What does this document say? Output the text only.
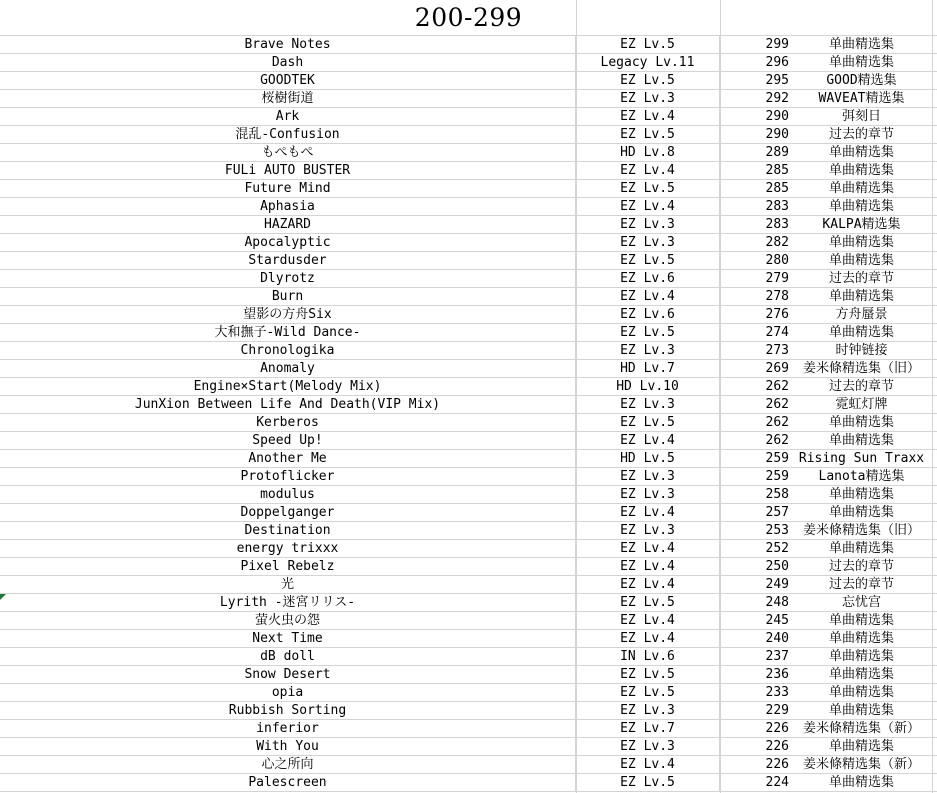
200-299
Brave Notes	EZ Lv.5	299	单曲精选集
Dash	Legacy Lv.11	296	单曲精选集
GOODTEK	EZ Lv.5	295	GOOD精选集
桜樹街道	EZ Lv.3	292	WAVEAT精选集
Ark	EZ Lv.4	290	弭刻日
混乱-Confusion	EZ Lv.5	290	过去的章节
もぺもぺ	HD Lv.8	289	单曲精选集
FULi AUTO BUSTER	EZ Lv.4	285	单曲精选集
Future Mind	EZ Lv.5	285	单曲精选集
Aphasia	EZ Lv.4	283	单曲精选集
HAZARD	EZ Lv.3	283	KALPA精选集
Apocalyptic	EZ Lv.3	282	单曲精选集
Stardusder	EZ Lv.5	280	单曲精选集
Dlyrotz	EZ Lv.6	279	过去的章节
Burn	EZ Lv.4	278	单曲精选集
望影の方舟Six	EZ Lv.6	276	方舟蜃景
大和撫子-Wild Dance-	EZ Lv.5	274	单曲精选集
Chronologika	EZ Lv.3	273	时钟链接
Anomaly	HD Lv.7	269	姜米條精选集（旧）
Engine×Start(Melody Mix)	HD Lv.10	262	过去的章节
JunXion Between Life And Death(VIP Mix)	EZ Lv.3	262	霓虹灯牌
Kerberos	EZ Lv.5	262	单曲精选集
Speed Up!	EZ Lv.4	262	单曲精选集
Another Me	HD Lv.5	259 Rising Sun Traxx
Protoflicker	EZ Lv.3	259	Lanota精选集
modulus	EZ Lv.3	258	单曲精选集
Doppelganger	EZ Lv.4	257	单曲精选集
Destination	EZ Lv.3	253	姜米條精选集（旧）
energy trixxx	EZ Lv.4	252	单曲精选集
Pixel Rebelz	EZ Lv.4	250	过去的章节
光	EZ Lv.4	249	过去的章节
Lyrith -迷宮リリス-	EZ Lv.5	248	忘忧宫
萤火虫の怨	EZ Lv.4	245	单曲精选集
Next Time	EZ Lv.4	240	单曲精选集
dB doll	IN Lv.6	237	单曲精选集
Snow Desert	EZ Lv.5	236	单曲精选集
opia	EZ Lv.5	233	单曲精选集
Rubbish Sorting	EZ Lv.3	229	单曲精选集
inferior	EZ Lv.7	226	姜米條精选集（新）
With You	EZ Lv.3	226	单曲精选集
心之所向	EZ Lv.4	226	姜米條精选集（新）
Palescreen	EZ Lv.5	224	单曲精选集
